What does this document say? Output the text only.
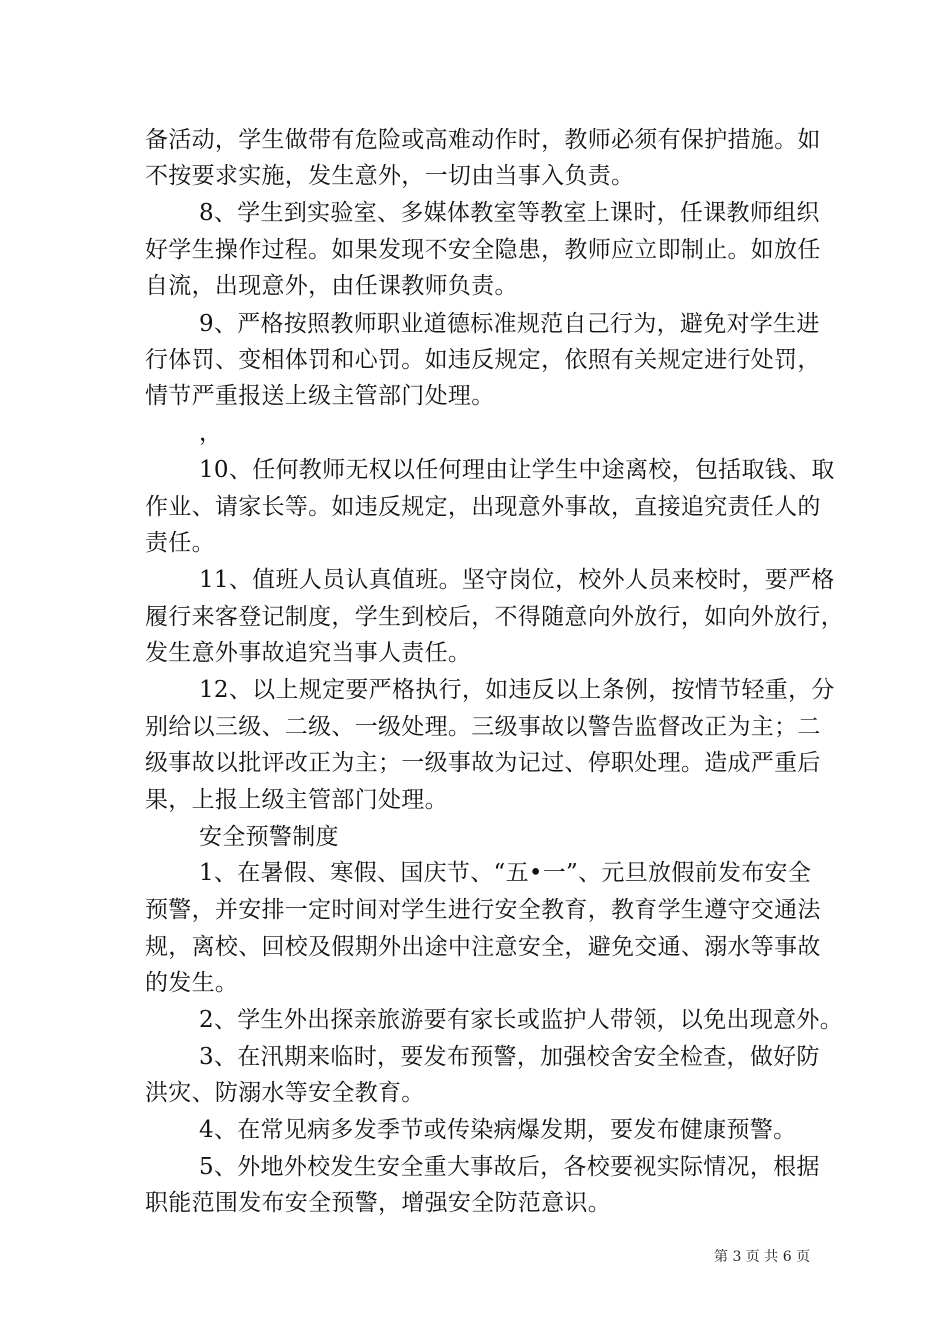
备活动，学生做带有危险或高难动作时，教师必须有保护措施。如
不按要求实施，发生意外，一切由当事入负责。
8、学生到实验室、多媒体教室等教室上课时，任课教师组织
好学生操作过程。如果发现不安全隐患，教师应立即制止。如放任
自流，出现意外，由任课教师负责。
9、严格按照教师职业道德标准规范自己行为，避免对学生进
行体罚、变相体罚和心罚。如违反规定，依照有关规定进行处罚，
情节严重报送上级主管部门处理。
，
10、任何教师无权以任何理由让学生中途离校，包括取钱、取
作业、请家长等。如违反规定，出现意外事故，直接追究责任人的
责任。
11、值班人员认真值班。坚守岗位，校外人员来校时，要严格
履行来客登记制度，学生到校后，不得随意向外放行，如向外放行，
发生意外事故追究当事人责任。
12、以上规定要严格执行，如违反以上条例，按情节轻重，分
别给以三级、二级、一级处理。三级事故以警告监督改正为主；二
级事故以批评改正为主；一级事故为记过、停职处理。造成严重后
果，上报上级主管部门处理。
安全预警制度
1、在暑假、寒假、国庆节、“五•一”、元旦放假前发布安全
预警，并安排一定时间对学生进行安全教育，教育学生遵守交通法
规，离校、回校及假期外出途中注意安全，避免交通、溺水等事故
的发生。
2、学生外出探亲旅游要有家长或监护人带领，以免出现意外。
3、在汛期来临时，要发布预警，加强校舍安全检查，做好防
洪灾、防溺水等安全教育。
4、在常见病多发季节或传染病爆发期，要发布健康预警。
5、外地外校发生安全重大事故后，各校要视实际情况，根据
职能范围发布安全预警，增强安全防范意识。
第 3 页 共 6 页
